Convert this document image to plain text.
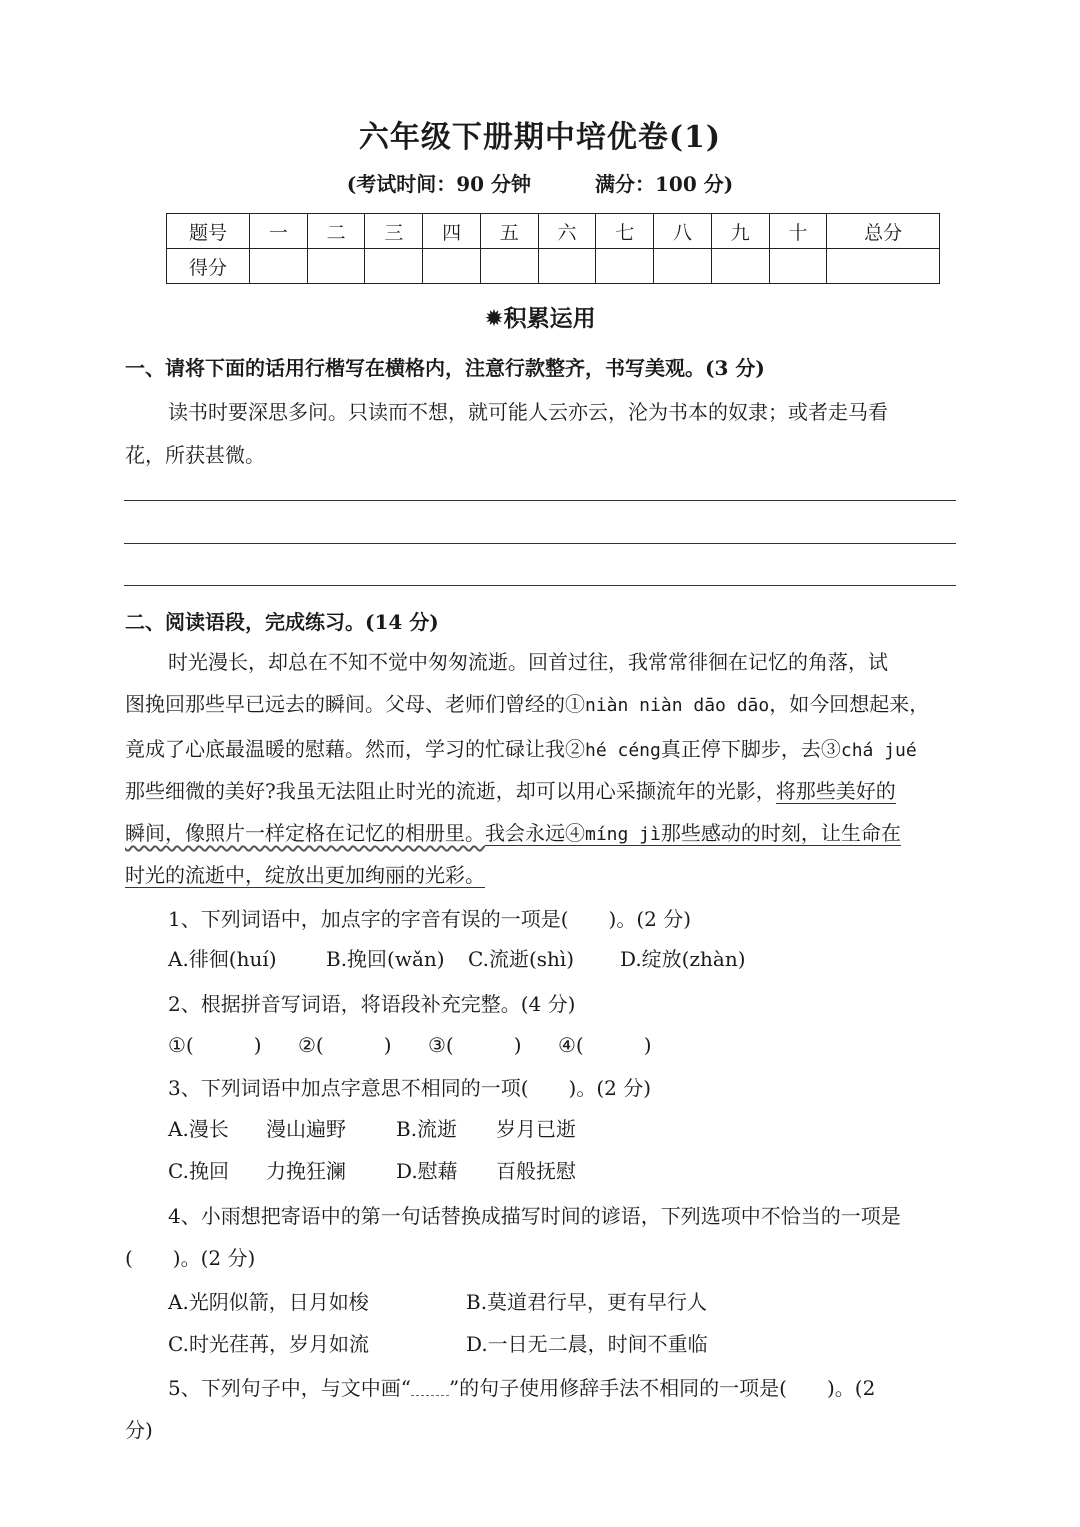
六年级下册期中培优卷(1)
(考试时间：90 分钟	满分：100 分)
题号	一	二	三	四	五	六	七	八	九	十	总分
得分											
✹积累运用
一、请将下面的话用行楷写在横格内，注意行款整齐，书写美观。(3 分)
读书时要深思多问。只读而不想，就可能人云亦云，沦为书本的奴隶；或者走马看
花，所获甚微。
二、阅读语段，完成练习。(14 分)
时光漫长，却总在不知不觉中匆匆流逝。回首过往，我常常徘徊在记忆的角落，试
图挽回那些早已远去的瞬间。父母、老师们曾经的①niàn niàn dāo dāo，如今回想起来，
竟成了心底最温暖的慰藉。然而，学习的忙碌让我②hé céng真正停下脚步，去③chá jué
那些细微的美好?我虽无法阻止时光的流逝，却可以用心采撷流年的光影，将那些美好的
瞬间，像照片一样定格在记忆的相册里。我会永远④míng jì那些感动的时刻，让生命在
时光的流逝中，绽放出更加绚丽的光彩。
1、下列词语中，加点字的字音有误的一项是(　　)。(2 分)
A.徘徊(huí) B.挽回(wǎn) C.流逝(shì) D.绽放(zhàn)
2、根据拼音写词语，将语段补充完整。(4 分)
①(　　　) ②(　　　) ③(　　　) ④(　　　)
3、下列词语中加点字意思不相同的一项(　　)。(2 分)
A.漫长 漫山遍野	B.流逝 岁月已逝
C.挽回 力挽狂澜	D.慰藉 百般抚慰
4、小雨想把寄语中的第一句话替换成描写时间的谚语，下列选项中不恰当的一项是
(　　)。(2 分)
A.光阴似箭，日月如梭	B.莫道君行早，更有早行人
C.时光荏苒，岁月如流	D.一日无二晨，时间不重临
5、下列句子中，与文中画“ ”的句子使用修辞手法不相同的一项是(　　)。(2
分)
